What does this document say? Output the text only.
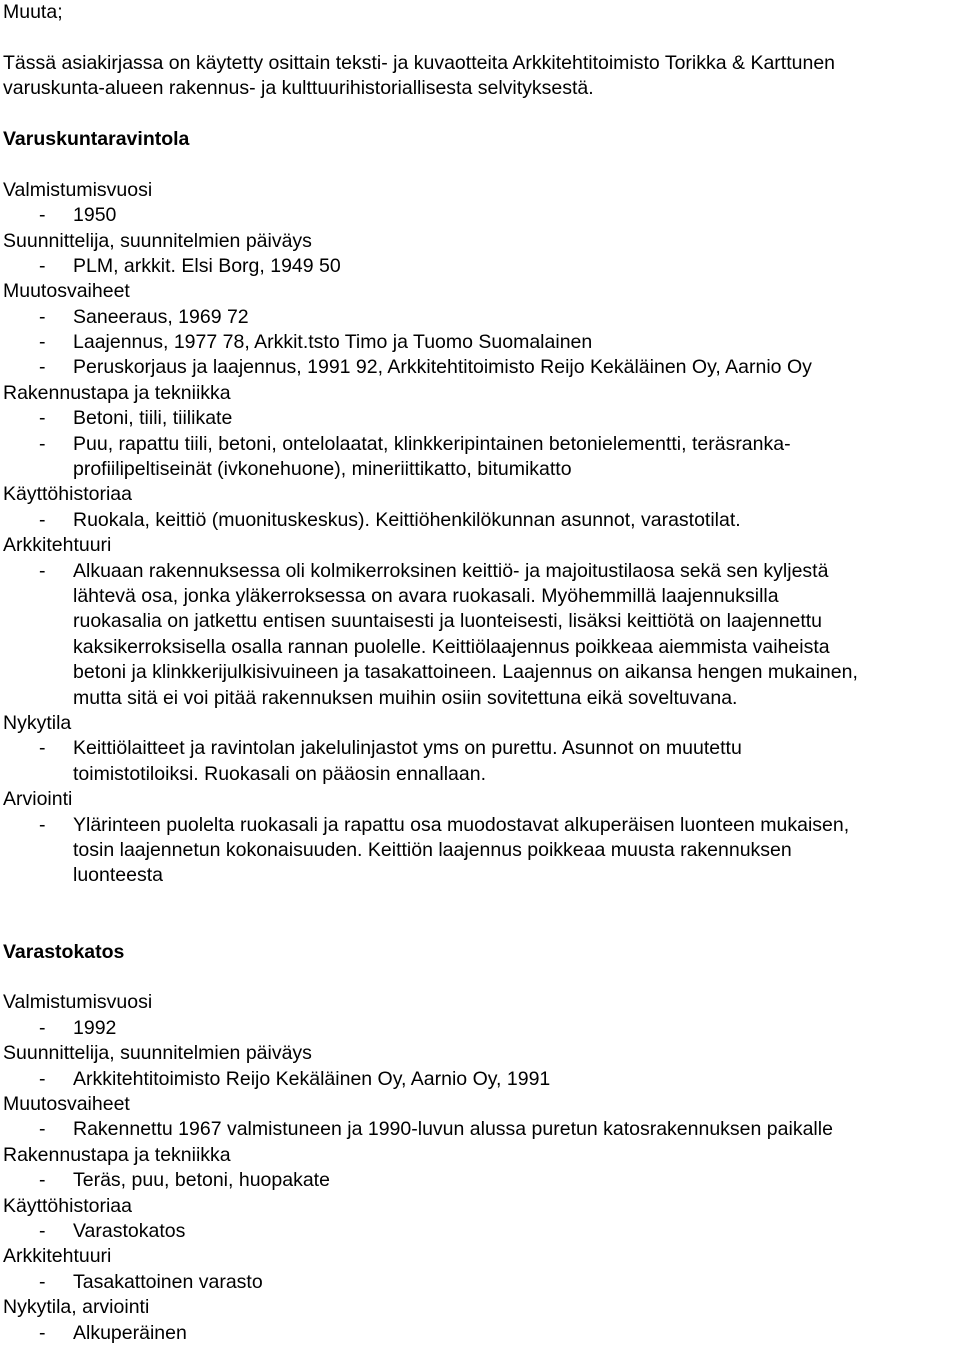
Muuta;
Tässä asiakirjassa on käytetty osittain teksti- ja kuvaotteita Arkkitehtitoimisto Torikka & Karttunen
varuskunta-alueen rakennus- ja kulttuurihistoriallisesta selvityksestä.
Varuskuntaravintola
Valmistumisvuosi
-	1950
Suunnittelija, suunnitelmien päiväys
-	PLM, arkkit. Elsi Borg, 1949 50
Muutosvaiheet
-	Saneeraus, 1969 72
-	Laajennus, 1977 78, Arkkit.tsto Timo ja Tuomo Suomalainen
-	Peruskorjaus ja laajennus, 1991 92, Arkkitehtitoimisto Reijo Kekäläinen Oy, Aarnio Oy
Rakennustapa ja tekniikka
-	Betoni, tiili, tiilikate
-	Puu, rapattu tiili, betoni, ontelolaatat, klinkkeripintainen betonielementti, teräsranka-
profiilipeltiseinät (ivkonehuone), mineriittikatto, bitumikatto
Käyttöhistoriaa
-	Ruokala, keittiö (muonituskeskus). Keittiöhenkilökunnan asunnot, varastotilat.
Arkkitehtuuri
-	Alkuaan rakennuksessa oli kolmikerroksinen keittiö- ja majoitustilaosa sekä sen kyljestä
lähtevä osa, jonka yläkerroksessa on avara ruokasali. Myöhemmillä laajennuksilla
ruokasalia on jatkettu entisen suuntaisesti ja luonteisesti, lisäksi keittiötä on laajennettu
kaksikerroksisella osalla rannan puolelle. Keittiölaajennus poikkeaa aiemmista vaiheista
betoni ja klinkkerijulkisivuineen ja tasakattoineen. Laajennus on aikansa hengen mukainen,
mutta sitä ei voi pitää rakennuksen muihin osiin sovitettuna eikä soveltuvana.
Nykytila
-	Keittiölaitteet ja ravintolan jakelulinjastot yms on purettu. Asunnot on muutettu
toimistotiloiksi. Ruokasali on pääosin ennallaan.
Arviointi
-	Ylärinteen puolelta ruokasali ja rapattu osa muodostavat alkuperäisen luonteen mukaisen,
tosin laajennetun kokonaisuuden. Keittiön laajennus poikkeaa muusta rakennuksen
luonteesta
Varastokatos
Valmistumisvuosi
-	1992
Suunnittelija, suunnitelmien päiväys
-	Arkkitehtitoimisto Reijo Kekäläinen Oy, Aarnio Oy, 1991
Muutosvaiheet
-	Rakennettu 1967 valmistuneen ja 1990-luvun alussa puretun katosrakennuksen paikalle
Rakennustapa ja tekniikka
-	Teräs, puu, betoni, huopakate
Käyttöhistoriaa
-	Varastokatos
Arkkitehtuuri
-	Tasakattoinen varasto
Nykytila, arviointi
-	Alkuperäinen
